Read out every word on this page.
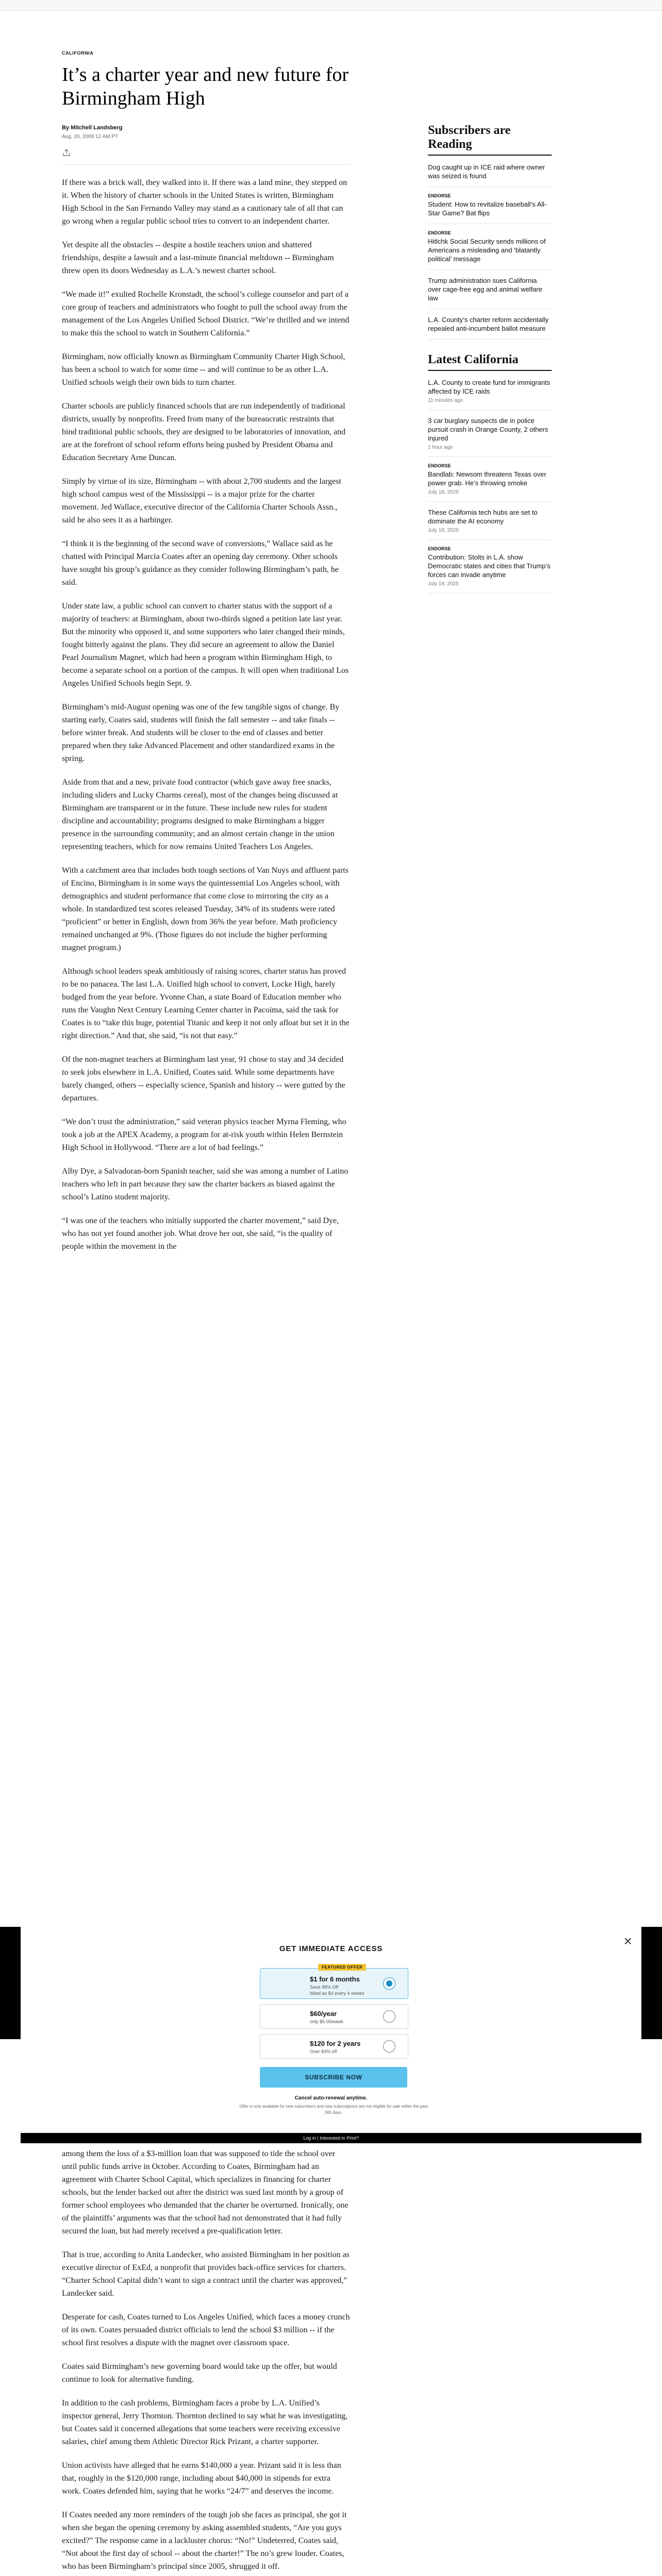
CALIFORNIA
It’s a charter year and new future for Birmingham High
By Mitchell Landsberg
Aug. 20, 2009 12 AM PT

If there was a brick wall, they walked into it. If there was a land mine, they stepped on it. When the history of charter schools in the United States is written, Birmingham High School in the San Fernando Valley may stand as a cautionary tale of all that can go wrong when a regular public school tries to convert to an independent charter.

Yet despite all the obstacles -- despite a hostile teachers union and shattered friendships, despite a lawsuit and a last-minute financial meltdown -- Birmingham threw open its doors Wednesday as L.A.’s newest charter school.

“We made it!” exulted Rochelle Kronstadt, the school’s college counselor and part of a core group of teachers and administrators who fought to pull the school away from the management of the Los Angeles Unified School District. “We’re thrilled and we intend to make this the school to watch in Southern California.”

Birmingham, now officially known as Birmingham Community Charter High School, has been a school to watch for some time -- and will continue to be as other L.A. Unified schools weigh their own bids to turn charter.

Charter schools are publicly financed schools that are run independently of traditional districts, usually by nonprofits. Freed from many of the bureaucratic restraints that bind traditional public schools, they are designed to be laboratories of innovation, and are at the forefront of school reform efforts being pushed by President Obama and Education Secretary Arne Duncan.

Simply by virtue of its size, Birmingham -- with about 2,700 students and the largest high school campus west of the Mississippi -- is a major prize for the charter movement. Jed Wallace, executive director of the California Charter Schools Assn., said he also sees it as a harbinger.

“I think it is the beginning of the second wave of conversions,” Wallace said as he chatted with Principal Marcia Coates after an opening day ceremony. Other schools have sought his group’s guidance as they consider following Birmingham’s path, he said.

Under state law, a public school can convert to charter status with the support of a majority of teachers: at Birmingham, about two-thirds signed a petition late last year. But the minority who opposed it, and some supporters who later changed their minds, fought bitterly against the plans. They did secure an agreement to allow the Daniel Pearl Journalism Magnet, which had been a program within Birmingham High, to become a separate school on a portion of the campus. It will open when traditional Los Angeles Unified Schools begin Sept. 9.

Birmingham’s mid-August opening was one of the few tangible signs of change. By starting early, Coates said, students will finish the fall semester -- and take finals -- before winter break. And students will be closer to the end of classes and better prepared when they take Advanced Placement and other standardized exams in the spring.

Aside from that and a new, private food contractor (which gave away free snacks, including sliders and Lucky Charms cereal), most of the changes being discussed at Birmingham are transparent or in the future. These include new rules for student discipline and accountability; programs designed to make Birmingham a bigger presence in the surrounding community; and an almost certain change in the union representing teachers, which for now remains United Teachers Los Angeles.

With a catchment area that includes both tough sections of Van Nuys and affluent parts of Encino, Birmingham is in some ways the quintessential Los Angeles school, with demographics and student performance that come close to mirroring the city as a whole. In standardized test scores released Tuesday, 34% of its students were rated “proficient” or better in English, down from 36% the year before. Math proficiency remained unchanged at 9%. (Those figures do not include the higher performing magnet program.)

Although school leaders speak ambitiously of raising scores, charter status has proved to be no panacea. The last L.A. Unified high school to convert, Locke High, barely budged from the year before. Yvonne Chan, a state Board of Education member who runs the Vaughn Next Century Learning Center charter in Pacoima, said the task for Coates is to “take this huge, potential Titanic and keep it not only afloat but set it in the right direction.” And that, she said, “is not that easy.”

Of the non-magnet teachers at Birmingham last year, 91 chose to stay and 34 decided to seek jobs elsewhere in L.A. Unified, Coates said. While some departments have barely changed, others -- especially science, Spanish and history -- were gutted by the departures.

“We don’t trust the administration,” said veteran physics teacher Myrna Fleming, who took a job at the APEX Academy, a program for at-risk youth within Helen Bernstein High School in Hollywood. “There are a lot of bad feelings.”

Alby Dye, a Salvadoran-born Spanish teacher, said she was among a number of Latino teachers who left in part because they saw the charter backers as biased against the school’s Latino student majority.

“I was one of the teachers who initially supported the charter movement,” said Dye, who has not yet found another job. What drove her out, she said, “is the quality of people within the movement in the

among them the loss of a $3-million loan that was supposed to tide the school over until public funds arrive in October. According to Coates, Birmingham had an agreement with Charter School Capital, which specializes in financing for charter schools, but the lender backed out after the district was sued last month by a group of former school employees who demanded that the charter be overturned. Ironically, one of the plaintiffs’ arguments was that the school had not demonstrated that it had fully secured the loan, but had merely received a pre-qualification letter.

That is true, according to Anita Landecker, who assisted Birmingham in her position as executive director of ExEd, a nonprofit that provides back-office services for charters. “Charter School Capital didn’t want to sign a contract until the charter was approved,” Landecker said.

Desperate for cash, Coates turned to Los Angeles Unified, which faces a money crunch of its own. Coates persuaded district officials to lend the school $3 million -- if the school first resolves a dispute with the magnet over classroom space.

Coates said Birmingham’s new governing board would take up the offer, but would continue to look for alternative funding.

In addition to the cash problems, Birmingham faces a probe by L.A. Unified’s inspector general, Jerry Thornton. Thornton declined to say what he was investigating, but Coates said it concerned allegations that some teachers were receiving excessive salaries, chief among them Athletic Director Rick Prizant, a charter supporter.

Union activists have alleged that he earns $140,000 a year. Prizant said it is less than that, roughly in the $120,000 range, including about $40,000 in stipends for extra work. Coates defended him, saying that he works “24/7” and deserves the income.

If Coates needed any more reminders of the tough job she faces as principal, she got it when she began the opening ceremony by asking assembled students, “Are you guys excited?” The response came in a lackluster chorus: “No!” Undeterred, Coates said, “Not about the first day of school -- about the charter!” The no’s grew louder. Coates, who has been Birmingham’s principal since 2005, shrugged it off.

Subscribers are Reading
Dog caught up in ICE raid where owner was seized is found
ENDORSE
Student: How to revitalize baseball’s All-Star Game? Bat flips
ENDORSE
Hitlchk Social Security sends millions of Americans a misleading and ‘blatantly political’ message
Trump administration sues California over cage-free egg and animal welfare law
L.A. County’s charter reform accidentally repealed anti-incumbent ballot measure
Latest California
L.A. County to create fund for immigrants affected by ICE raids
11 minutes ago
3 car burglary suspects die in police pursuit crash in Orange County, 2 others injured
1 hour ago
ENDORSE
Bandlab: Newsom threatens Texas over power grab. He’s throwing smoke
July 18, 2025
These California tech hubs are set to dominate the AI economy
July 18, 2025
ENDORSE
Contribution: Stolts in L.A. show Democratic states and cities that Trump’s forces can invade anytime
July 18, 2025
×
GET IMMEDIATE ACCESS
FEATURED OFFER
$1 for 6 months
Save 98% Off
billed as $4 every 4 weeks
$60/year
only $5.00/week
$120 for 2 years
Over 84% off
SUBSCRIBE NOW
Cancel auto-renewal anytime.
Offer is only available for new subscribers and new subscriptions are not eligible for sale within the past 365 days.
Log in | Interested in Print?
